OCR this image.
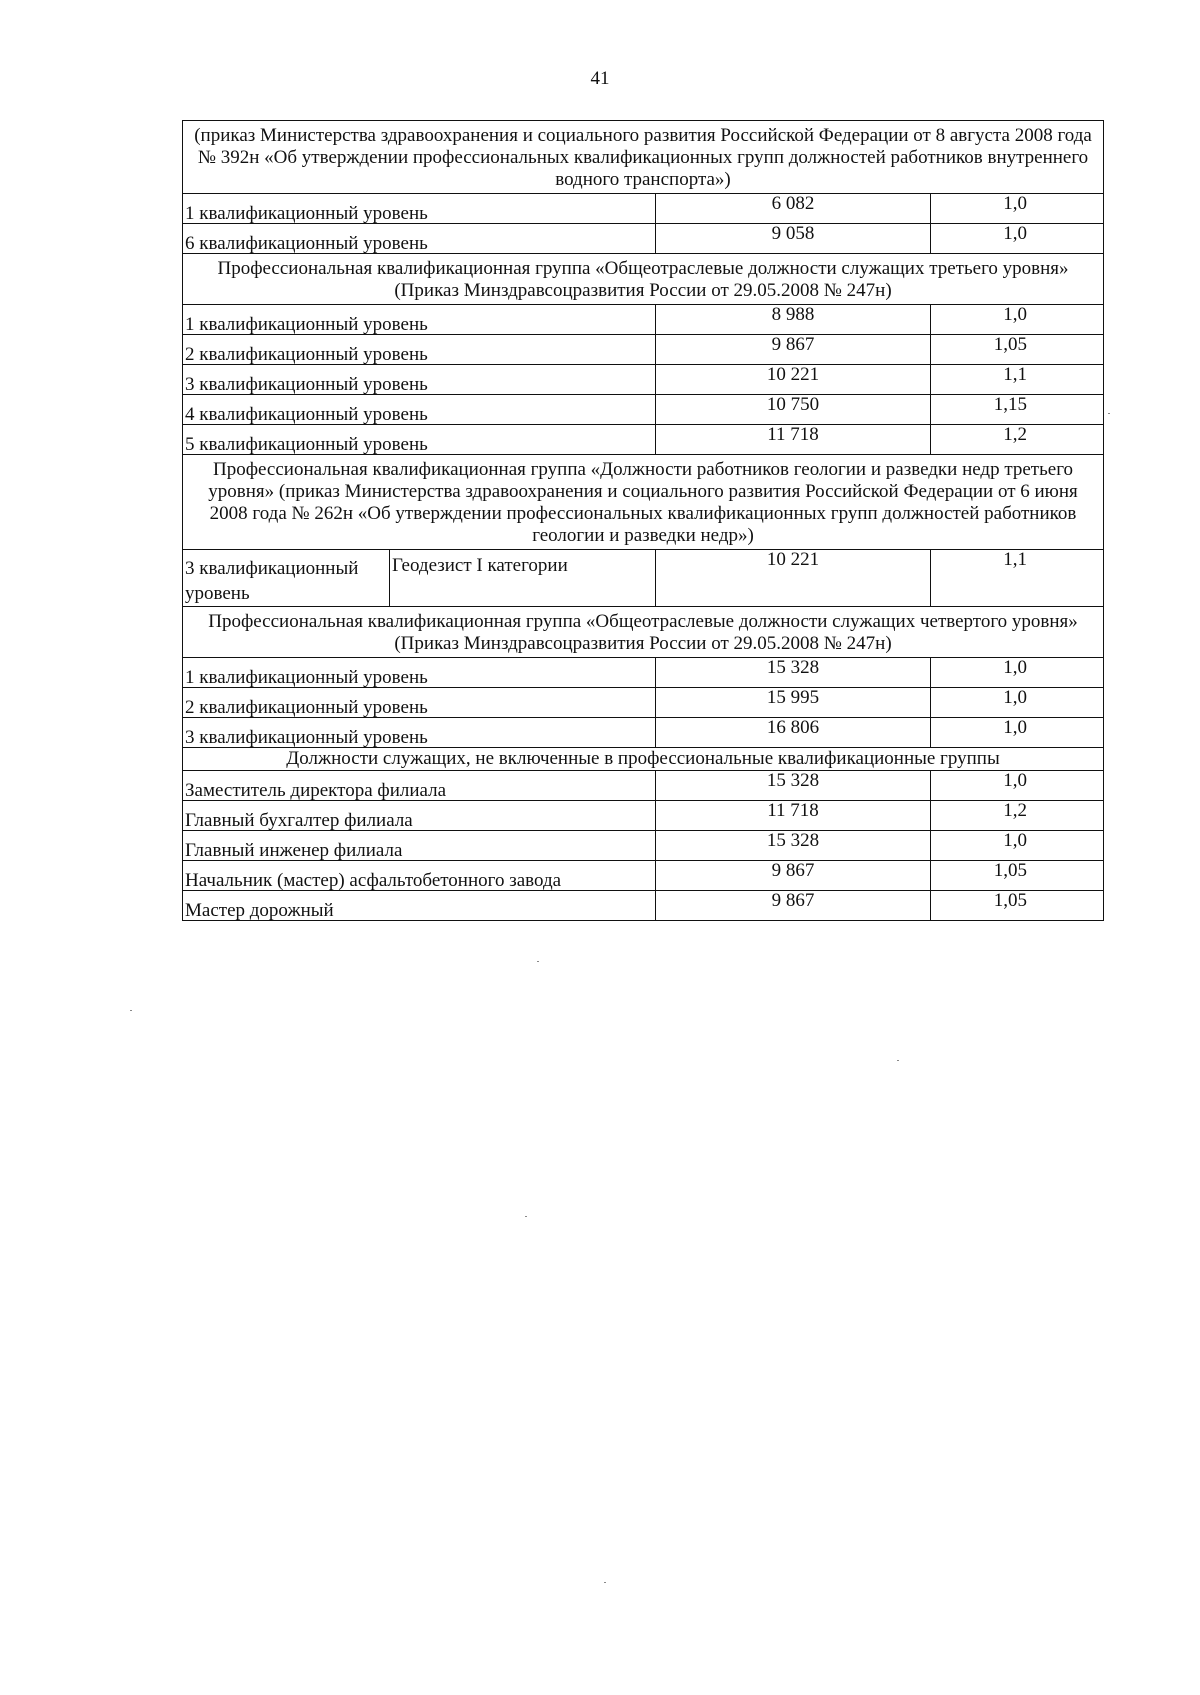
41
(приказ Министерства здравоохранения и социального развития Российской Федерации от 8 августа 2008 года № 392н «Об утверждении профессиональных квалификационных групп должностей работников внутреннего водного транспорта»)			
1 квалификационный уровень		6 082	1,0
6 квалификационный уровень		9 058	1,0
Профессиональная квалификационная группа «Общеотраслевые должности служащих третьего уровня» (Приказ Минздравсоцразвития России от 29.05.2008 № 247н)			
1 квалификационный уровень		8 988	1,0
2 квалификационный уровень		9 867	1,05
3 квалификационный уровень		10 221	1,1
4 квалификационный уровень		10 750	1,15
5 квалификационный уровень		11 718	1,2
Профессиональная квалификационная группа «Должности работников геологии и разведки недр третьего уровня» (приказ Министерства здравоохранения и социального развития Российской Федерации от 6 июня 2008 года № 262н «Об утверждении профессиональных квалификационных групп должностей работников геологии и разведки недр»)			
3 квалификационный уровень	Геодезист I категории	10 221	1,1
Профессиональная квалификационная группа «Общеотраслевые должности служащих четвертого уровня» (Приказ Минздравсоцразвития России от 29.05.2008 № 247н)			
1 квалификационный уровень		15 328	1,0
2 квалификационный уровень		15 995	1,0
3 квалификационный уровень		16 806	1,0
Должности служащих, не включенные в профессиональные квалификационные группы			
Заместитель директора филиала		15 328	1,0
Главный бухгалтер филиала		11 718	1,2
Главный инженер филиала		15 328	1,0
Начальник (мастер) асфальтобетонного завода		9 867	1,05
Мастер дорожный		9 867	1,05
